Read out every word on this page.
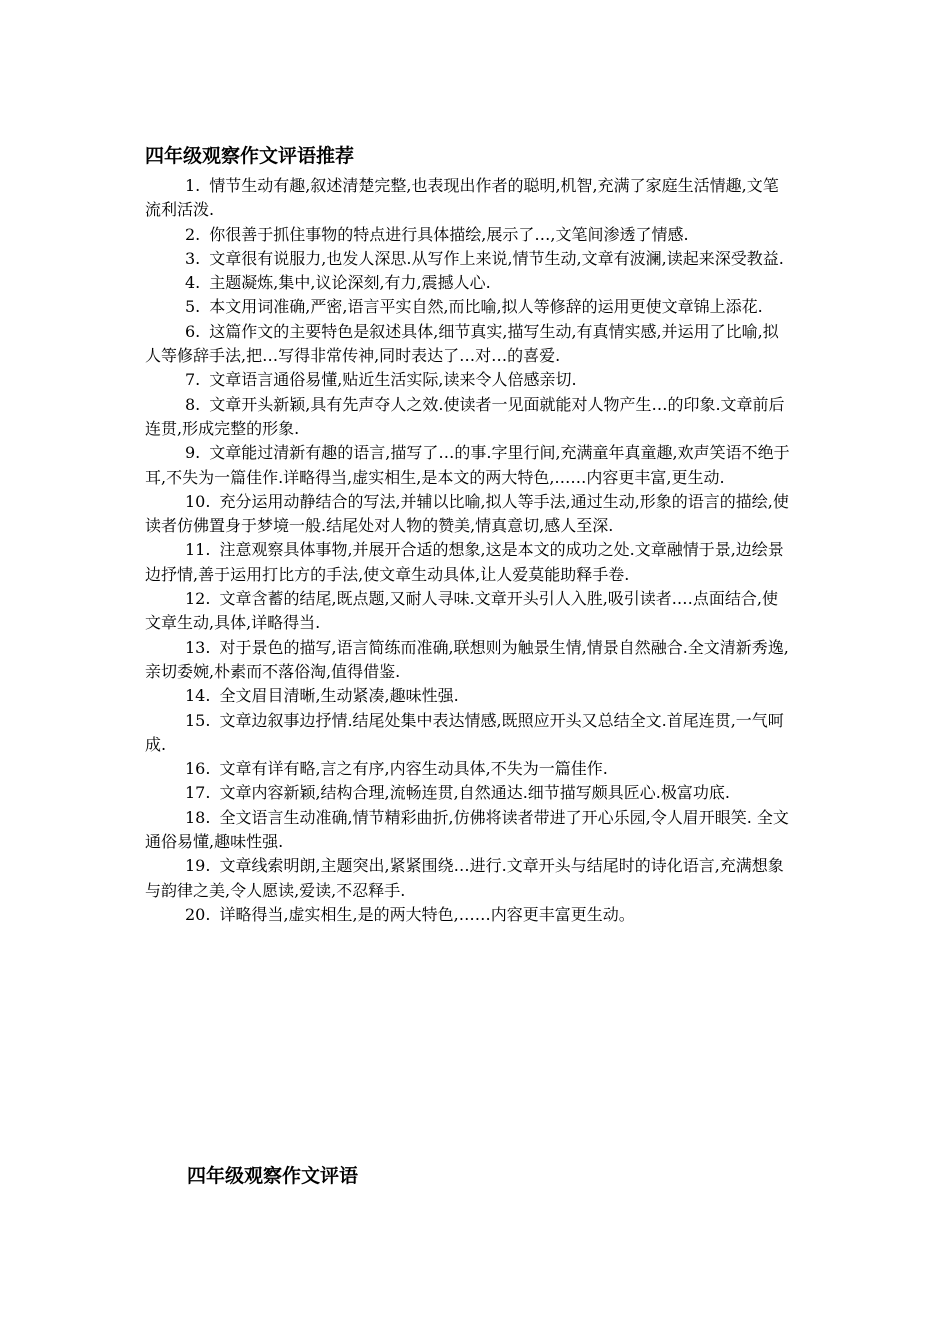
四年级观察作文评语推荐

1. 情节生动有趣,叙述清楚完整,也表现出作者的聪明,机智,充满了家庭生活情趣,文笔流利活泼.

2. 你很善于抓住事物的特点进行具体描绘,展示了…,文笔间渗透了情感.

3. 文章很有说服力,也发人深思.从写作上来说,情节生动,文章有波澜,读起来深受教益.

4. 主题凝炼,集中,议论深刻,有力,震撼人心.

5. 本文用词准确,严密,语言平实自然,而比喻,拟人等修辞的运用更使文章锦上添花.

6. 这篇作文的主要特色是叙述具体,细节真实,描写生动,有真情实感,并运用了比喻,拟人等修辞手法,把…写得非常传神,同时表达了…对…的喜爱.

7. 文章语言通俗易懂,贴近生活实际,读来令人倍感亲切.

8. 文章开头新颖,具有先声夺人之效.使读者一见面就能对人物产生…的印象.文章前后连贯,形成完整的形象.

9. 文章能过清新有趣的语言,描写了…的事.字里行间,充满童年真童趣,欢声笑语不绝于耳,不失为一篇佳作.详略得当,虚实相生,是本文的两大特色,……内容更丰富,更生动.

10. 充分运用动静结合的写法,并辅以比喻,拟人等手法,通过生动,形象的语言的描绘,使读者仿佛置身于梦境一般.结尾处对人物的赞美,情真意切,感人至深.

11. 注意观察具体事物,并展开合适的想象,这是本文的成功之处.文章融情于景,边绘景边抒情,善于运用打比方的手法,使文章生动具体,让人爱莫能助释手卷.

12. 文章含蓄的结尾,既点题,又耐人寻味.文章开头引人入胜,吸引读者.…点面结合,使文章生动,具体,详略得当.

13. 对于景色的描写,语言简练而准确,联想则为触景生情,情景自然融合.全文清新秀逸,亲切委婉,朴素而不落俗淘,值得借鉴.

14. 全文眉目清晰,生动紧凑,趣味性强.

15. 文章边叙事边抒情.结尾处集中表达情感,既照应开头又总结全文.首尾连贯,一气呵成.

16. 文章有详有略,言之有序,内容生动具体,不失为一篇佳作.

17. 文章内容新颖,结构合理,流畅连贯,自然通达.细节描写颇具匠心.极富功底.

18. 全文语言生动准确,情节精彩曲折,仿佛将读者带进了开心乐园,令人眉开眼笑. 全文通俗易懂,趣味性强.

19. 文章线索明朗,主题突出,紧紧围绕…进行.文章开头与结尾时的诗化语言,充满想象与韵律之美,令人愿读,爱读,不忍释手.

20. 详略得当,虚实相生,是的两大特色,……内容更丰富更生动。

四年级观察作文评语
